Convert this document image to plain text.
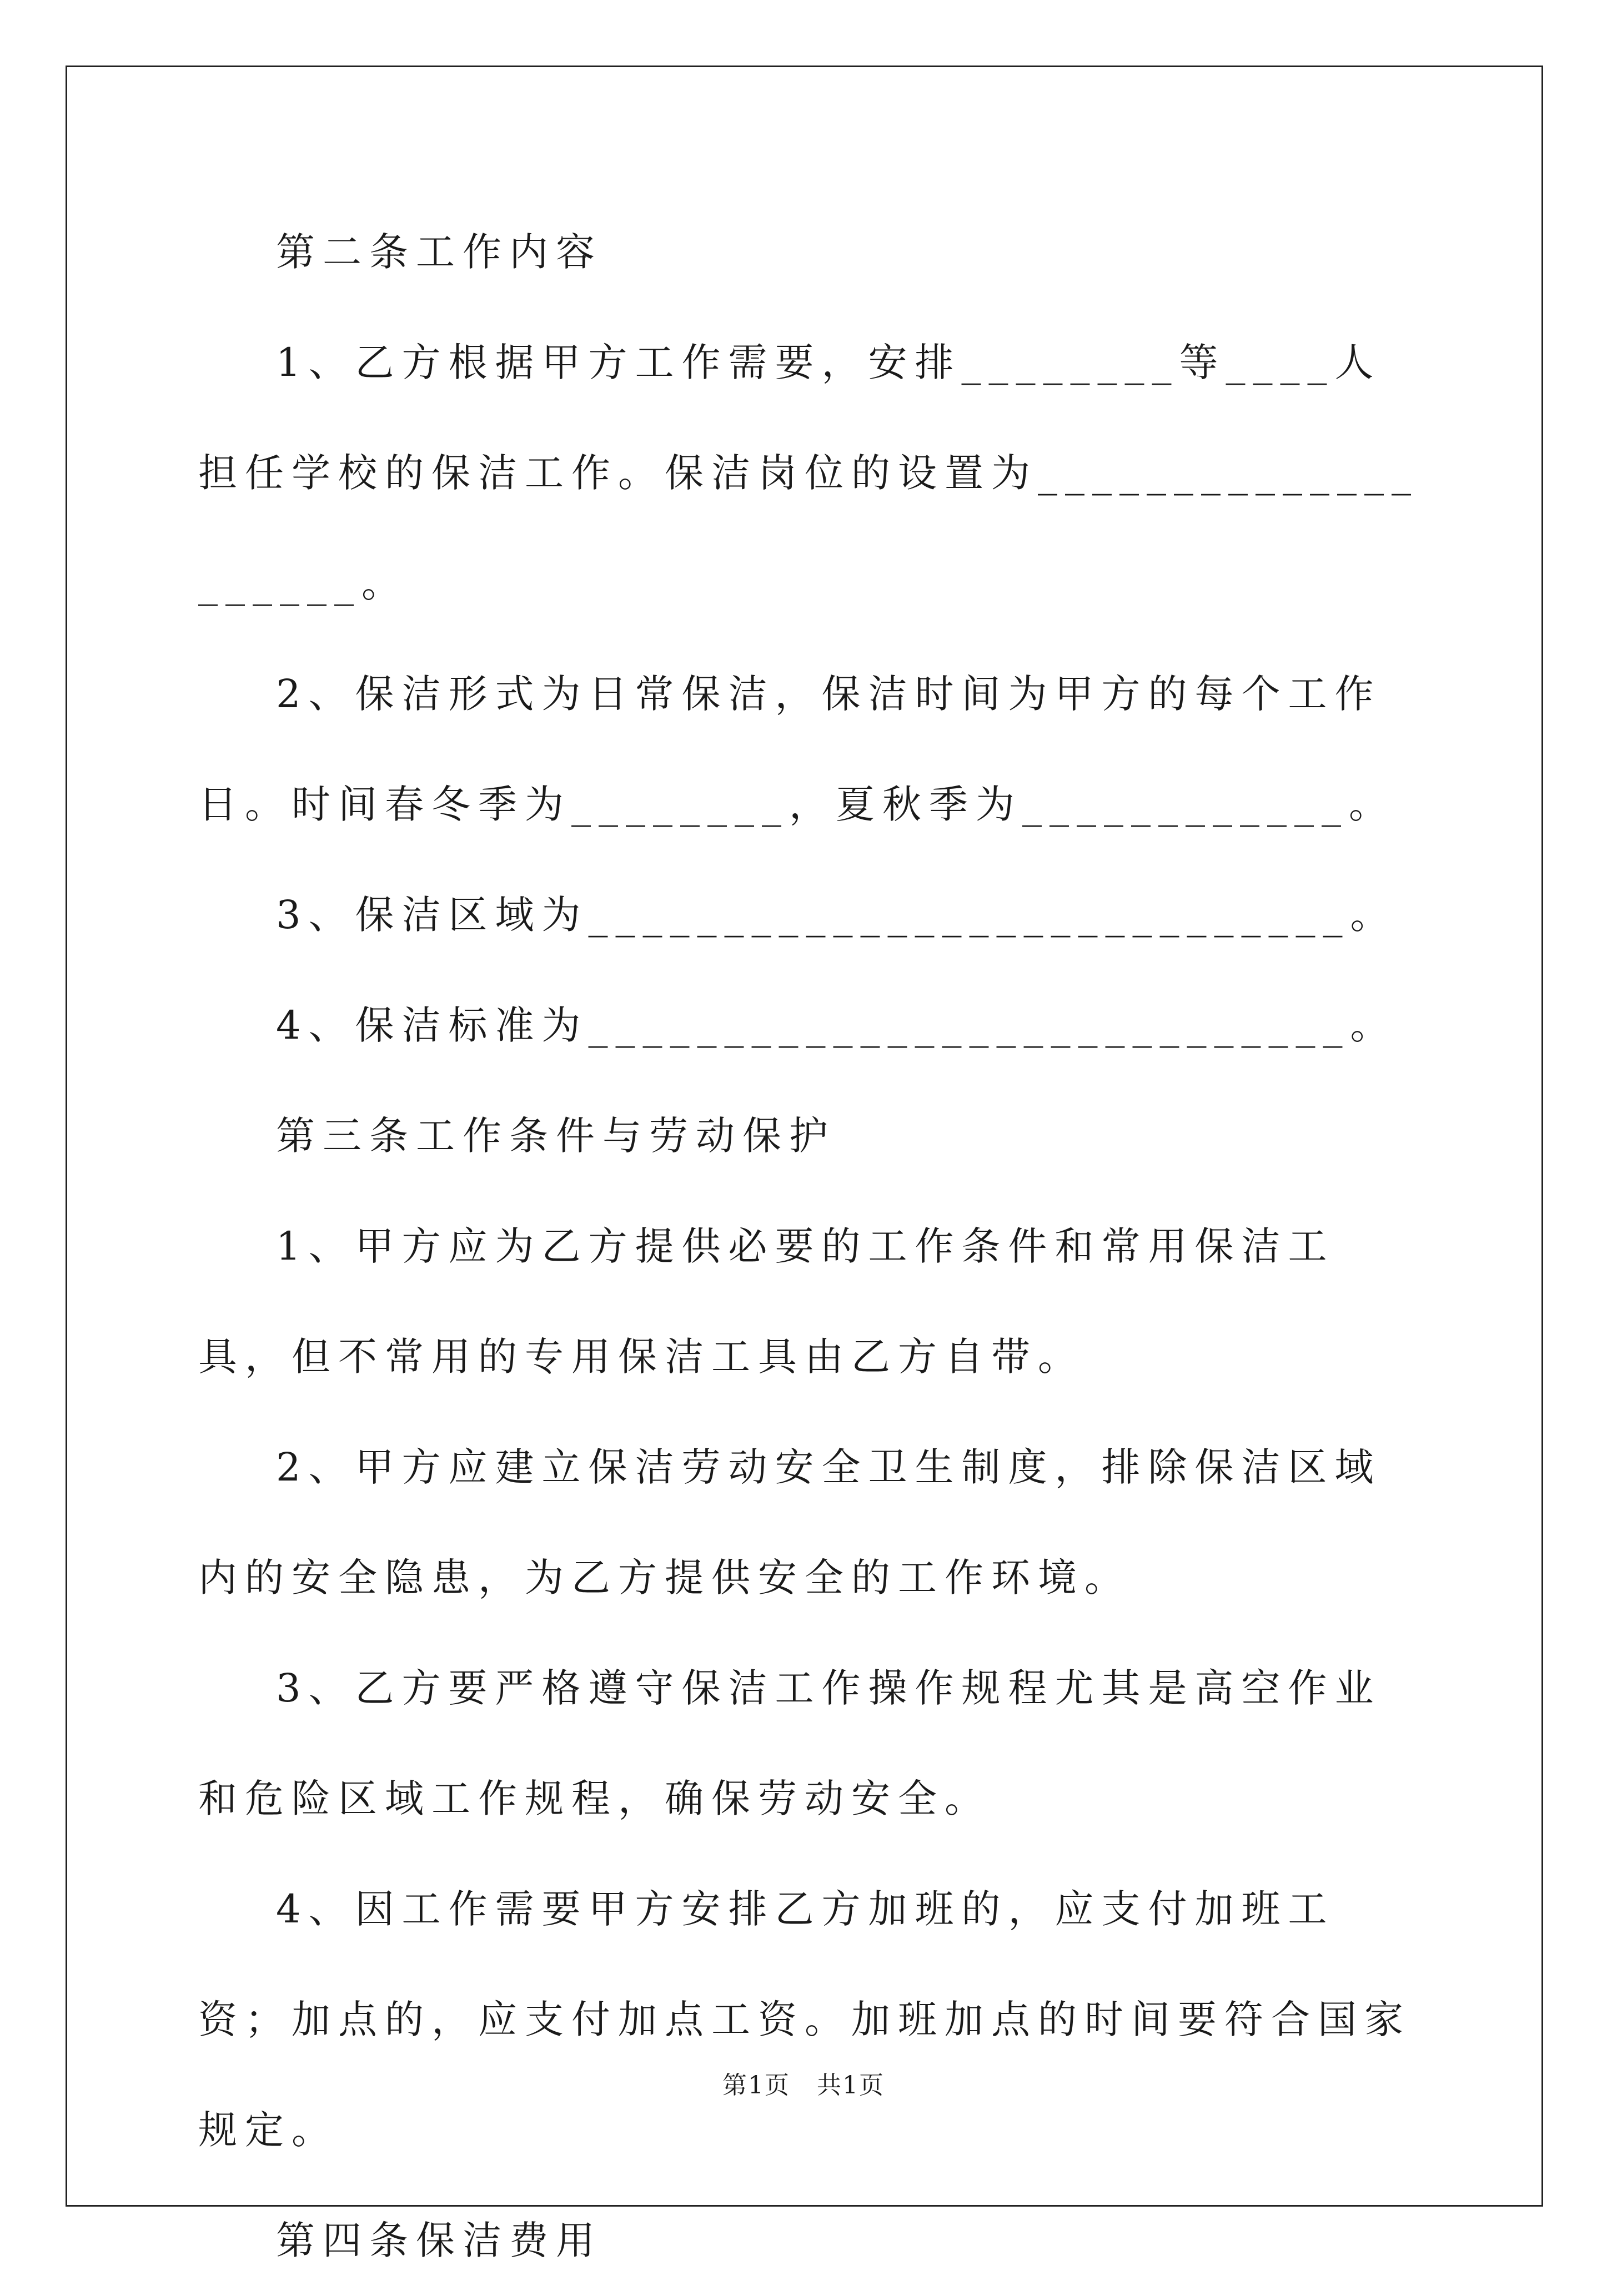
第二条工作内容

1、乙方根据甲方工作需要，安排________等____人担任学校的保洁工作。保洁岗位的设置为____________________。

2、保洁形式为日常保洁，保洁时间为甲方的每个工作日。时间春冬季为________，夏秋季为____________。

3、保洁区域为____________________________。

4、保洁标准为____________________________。

第三条工作条件与劳动保护

1、甲方应为乙方提供必要的工作条件和常用保洁工具，但不常用的专用保洁工具由乙方自带。

2、甲方应建立保洁劳动安全卫生制度，排除保洁区域内的安全隐患，为乙方提供安全的工作环境。

3、乙方要严格遵守保洁工作操作规程尤其是高空作业和危险区域工作规程，确保劳动安全。

4、因工作需要甲方安排乙方加班的，应支付加班工资；加点的，应支付加点工资。加班加点的时间要符合国家规定。

第四条保洁费用

第1页   共1页
